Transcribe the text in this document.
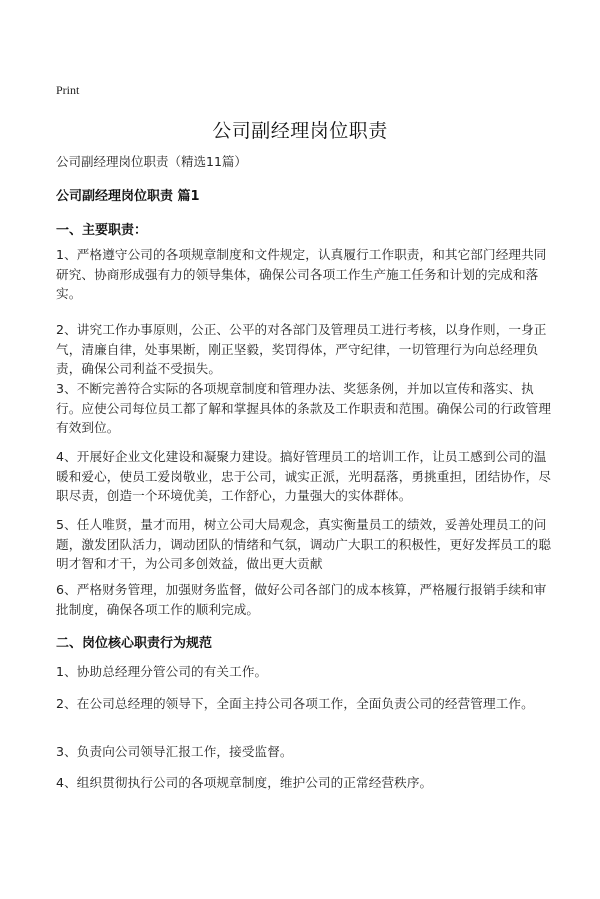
Print
公司副经理岗位职责
公司副经理岗位职责（精选11篇）
公司副经理岗位职责 篇1
一、主要职责：
1、严格遵守公司的各项规章制度和文件规定，认真履行工作职责，和其它部门经理共同研究、协商形成强有力的领导集体，确保公司各项工作生产施工任务和计划的完成和落实。
2、讲究工作办事原则，公正、公平的对各部门及管理员工进行考核，以身作则，一身正气，清廉自律，处事果断，刚正坚毅，奖罚得体，严守纪律，一切管理行为向总经理负责，确保公司利益不受损失。
3、不断完善符合实际的各项规章制度和管理办法、奖惩条例，并加以宣传和落实、执行。应使公司每位员工都了解和掌握具体的条款及工作职责和范围。确保公司的行政管理有效到位。
4、开展好企业文化建设和凝聚力建设。搞好管理员工的培训工作，让员工感到公司的温暖和爱心，使员工爱岗敬业，忠于公司，诚实正派，光明磊落，勇挑重担，团结协作，尽职尽责，创造一个环境优美，工作舒心，力量强大的实体群体。
5、任人唯贤，量才而用，树立公司大局观念，真实衡量员工的绩效，妥善处理员工的问题，激发团队活力，调动团队的情绪和气氛，调动广大职工的积极性，更好发挥员工的聪明才智和才干，为公司多创效益，做出更大贡献
6、严格财务管理，加强财务监督，做好公司各部门的成本核算，严格履行报销手续和审批制度，确保各项工作的顺利完成。
二、岗位核心职责行为规范
1、协助总经理分管公司的有关工作。
2、在公司总经理的领导下，全面主持公司各项工作，全面负责公司的经营管理工作。
3、负责向公司领导汇报工作，接受监督。
4、组织贯彻执行公司的各项规章制度，维护公司的正常经营秩序。
